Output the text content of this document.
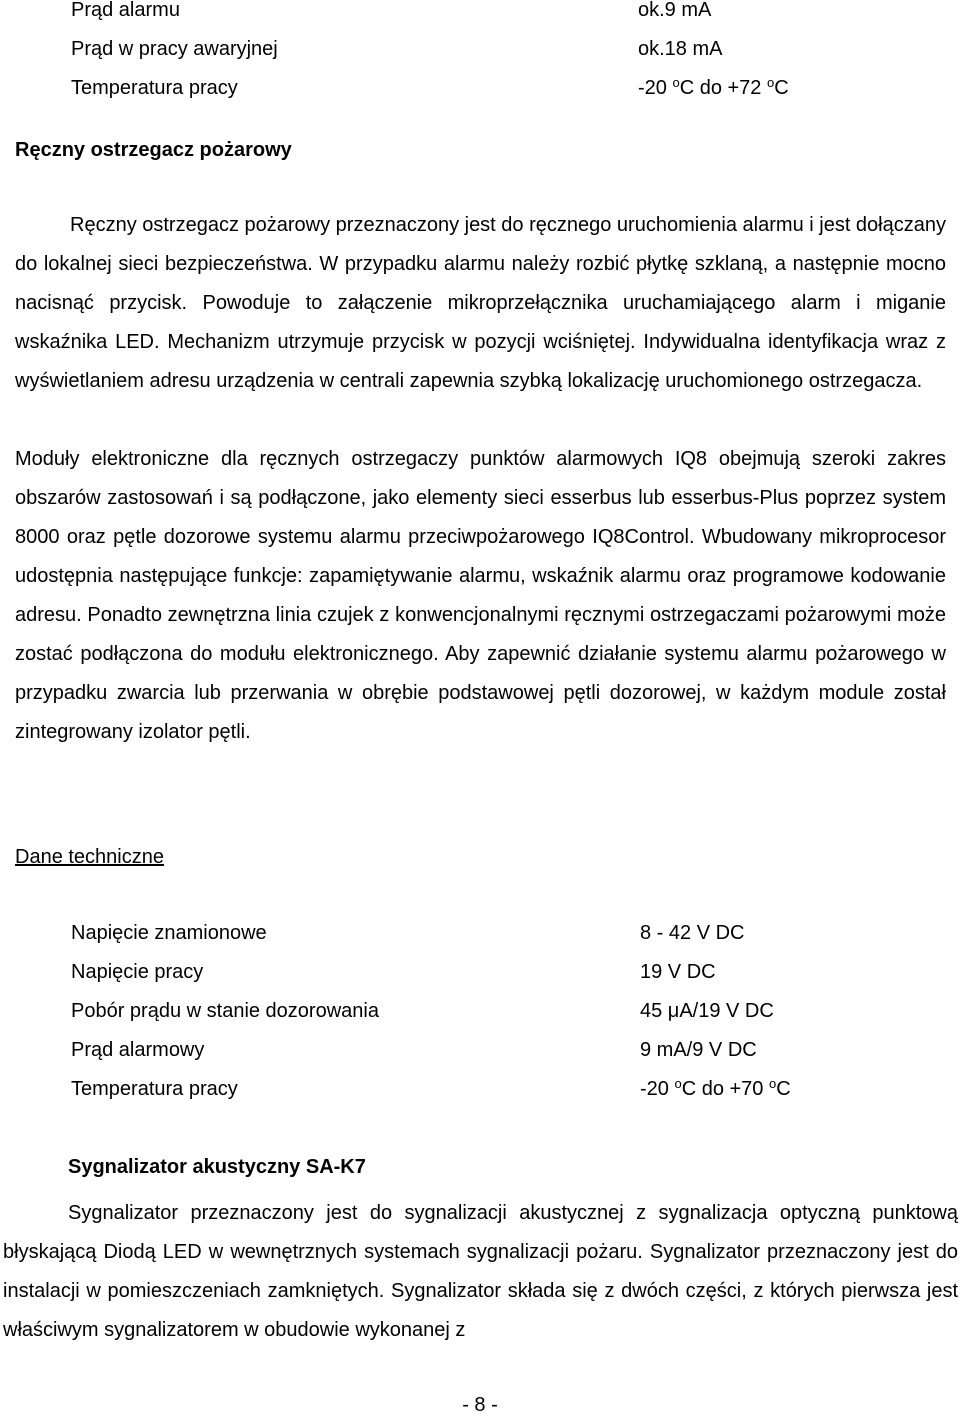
Prąd alarmu	ok.9 mA
Prąd w pracy awaryjnej	ok.18 mA
Temperatura pracy	-20 $^o$C do +72 $^o$C
Ręczny ostrzegacz pożarowy

Ręczny ostrzegacz pożarowy przeznaczony jest do ręcznego uruchomienia alarmu i jest dołączany do lokalnej sieci bezpieczeństwa. W przypadku alarmu należy rozbić płytkę szklaną, a następnie mocno nacisnąć przycisk. Powoduje to załączenie mikroprzełącznika uruchamiającego alarm i miganie wskaźnika LED. Mechanizm utrzymuje przycisk w pozycji wciśniętej. Indywidualna identyfikacja wraz z wyświetlaniem adresu urządzenia w centrali zapewnia szybką lokalizację uruchomionego ostrzegacza.

Moduły elektroniczne dla ręcznych ostrzegaczy punktów alarmowych IQ8 obejmują szeroki zakres obszarów zastosowań i są podłączone, jako elementy sieci esserbus lub esserbus-Plus poprzez system 8000 oraz pętle dozorowe systemu alarmu przeciwpożarowego IQ8Control. Wbudowany mikroprocesor udostępnia następujące funkcje: zapamiętywanie alarmu, wskaźnik alarmu oraz programowe kodowanie adresu. Ponadto zewnętrzna linia czujek z konwencjonalnymi ręcznymi ostrzegaczami pożarowymi może zostać podłączona do modułu elektronicznego. Aby zapewnić działanie systemu alarmu pożarowego w przypadku zwarcia lub przerwania w obrębie podstawowej pętli dozorowej, w każdym module został zintegrowany izolator pętli.

Dane techniczne
Napięcie znamionowe	8 - 42 V DC
Napięcie pracy	19 V DC
Pobór prądu w stanie dozorowania	45 μA/19 V DC
Prąd alarmowy	9 mA/9 V DC
Temperatura pracy	-20 $^o$C do +70 $^o$C
Sygnalizator akustyczny SA-K7

Sygnalizator przeznaczony jest do sygnalizacji akustycznej z sygnalizacja optyczną punktową błyskającą Diodą LED w wewnętrznych systemach sygnalizacji pożaru. Sygnalizator przeznaczony jest do instalacji w pomieszczeniach zamkniętych. Sygnalizator składa się z dwóch części, z których pierwsza jest właściwym sygnalizatorem w obudowie wykonanej z

- 8 -
